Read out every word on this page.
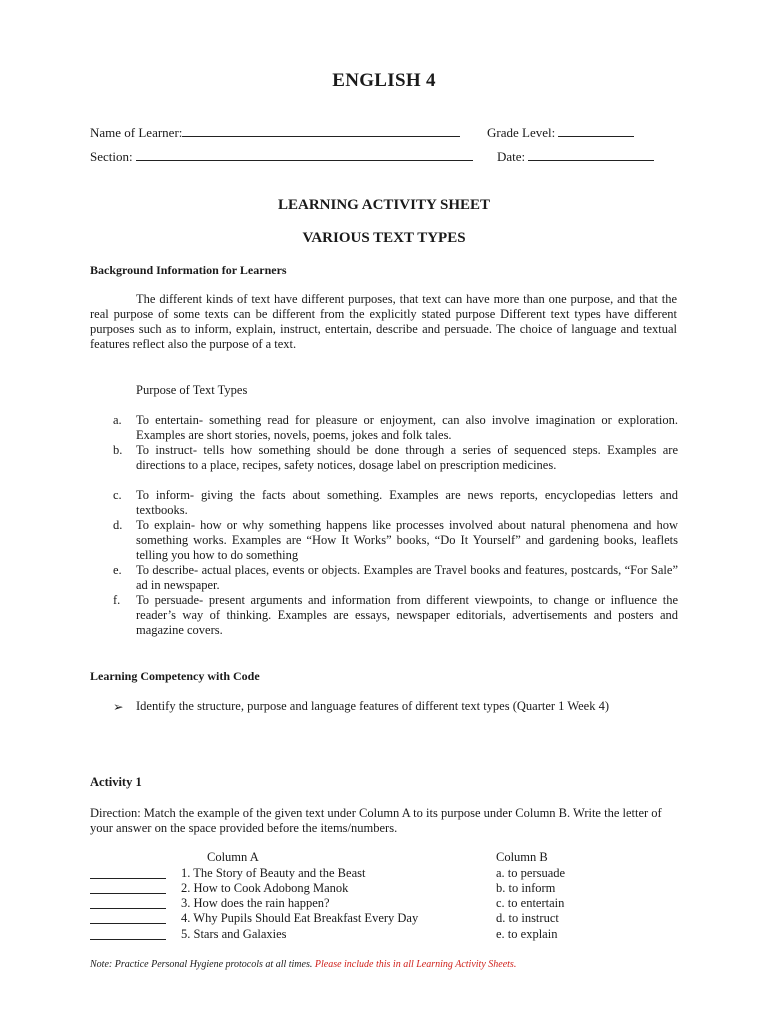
ENGLISH 4
Name of Learner:	Grade Level:
Section:	Date:
LEARNING ACTIVITY SHEET
VARIOUS TEXT TYPES
Background Information for Learners
The different kinds of text have different purposes, that text can have more than one purpose, and that the real purpose of some texts can be different from the explicitly stated purpose Different text types have different purposes such as to inform, explain, instruct, entertain, describe and persuade. The choice of language and textual features reflect also the purpose of a text.
Purpose of Text Types
a.	To entertain- something read for pleasure or enjoyment, can also involve imagination or exploration. Examples are short stories, novels, poems, jokes and folk tales.
b.	To instruct- tells how something should be done through a series of sequenced steps. Examples are directions to a place, recipes, safety notices, dosage label on prescription medicines.
c.	To inform- giving the facts about something. Examples are news reports, encyclopedias letters and textbooks.
d.	To explain- how or why something happens like processes involved about natural phenomena and how something works. Examples are “How It Works” books, “Do It Yourself” and gardening books, leaflets telling you how to do something
e.	To describe- actual places, events or objects. Examples are Travel books and features, postcards, “For Sale” ad in newspaper.
f.	To persuade- present arguments and information from different viewpoints, to change or influence the reader’s way of thinking. Examples are essays, newspaper editorials, advertisements and posters and magazine covers.
Learning Competency with Code
➢ Identify the structure, purpose and language features of different text types (Quarter 1 Week 4)
Activity 1
Direction: Match the example of the given text under Column A to its purpose under Column B. Write the letter of your answer on the space provided before the items/numbers.
Column A	Column B
1. The Story of Beauty and the Beast	a. to persuade
2. How to Cook Adobong Manok	b. to inform
3. How does the rain happen?	c. to entertain
4. Why Pupils Should Eat Breakfast Every Day	d. to instruct
5. Stars and Galaxies	e. to explain
Note: Practice Personal Hygiene protocols at all times. Please include this in all Learning Activity Sheets.
